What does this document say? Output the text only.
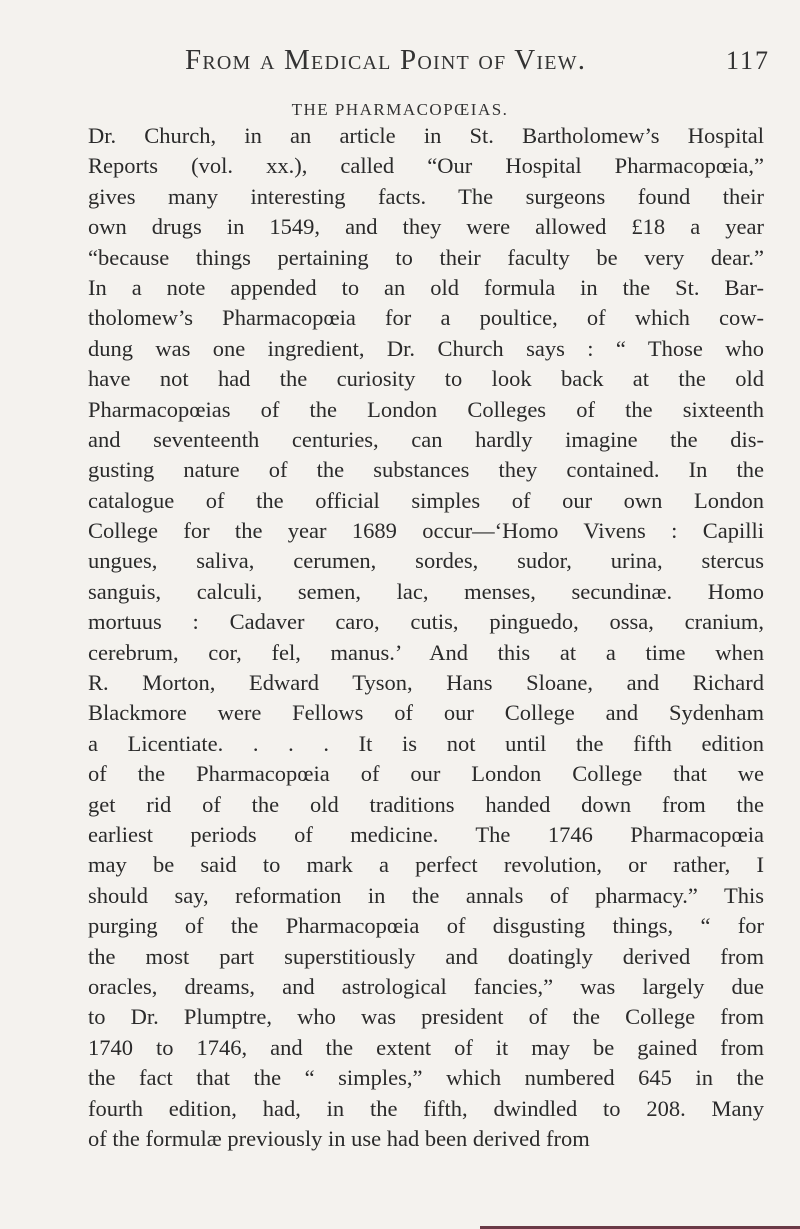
From a Medical Point of View.	117
THE PHARMACOPŒIAS.
Dr. Church, in an article in St. Bartholomew’s Hospital
Reports (vol. xx.), called “Our Hospital Pharmacopœia,”
gives many interesting facts. The surgeons found their
own drugs in 1549, and they were allowed £18 a year
“because things pertaining to their faculty be very dear.”
In a note appended to an old formula in the St. Bar-
tholomew’s Pharmacopœia for a poultice, of which cow-
dung was one ingredient, Dr. Church says : “ Those who
have not had the curiosity to look back at the old
Pharmacopœias of the London Colleges of the sixteenth
and seventeenth centuries, can hardly imagine the dis-
gusting nature of the substances they contained. In the
catalogue of the official simples of our own London
College for the year 1689 occur—‘Homo Vivens : Capilli
ungues, saliva, cerumen, sordes, sudor, urina, stercus
sanguis, calculi, semen, lac, menses, secundinæ. Homo
mortuus : Cadaver caro, cutis, pinguedo, ossa, cranium,
cerebrum, cor, fel, manus.’ And this at a time when
R. Morton, Edward Tyson, Hans Sloane, and Richard
Blackmore were Fellows of our College and Sydenham
a Licentiate. . . . It is not until the fifth edition
of the Pharmacopœia of our London College that we
get rid of the old traditions handed down from the
earliest periods of medicine. The 1746 Pharmacopœia
may be said to mark a perfect revolution, or rather, I
should say, reformation in the annals of pharmacy.” This
purging of the Pharmacopœia of disgusting things, “ for
the most part superstitiously and doatingly derived from
oracles, dreams, and astrological fancies,” was largely due
to Dr. Plumptre, who was president of the College from
1740 to 1746, and the extent of it may be gained from
the fact that the “ simples,” which numbered 645 in the
fourth edition, had, in the fifth, dwindled to 208. Many
of the formulæ previously in use had been derived from
